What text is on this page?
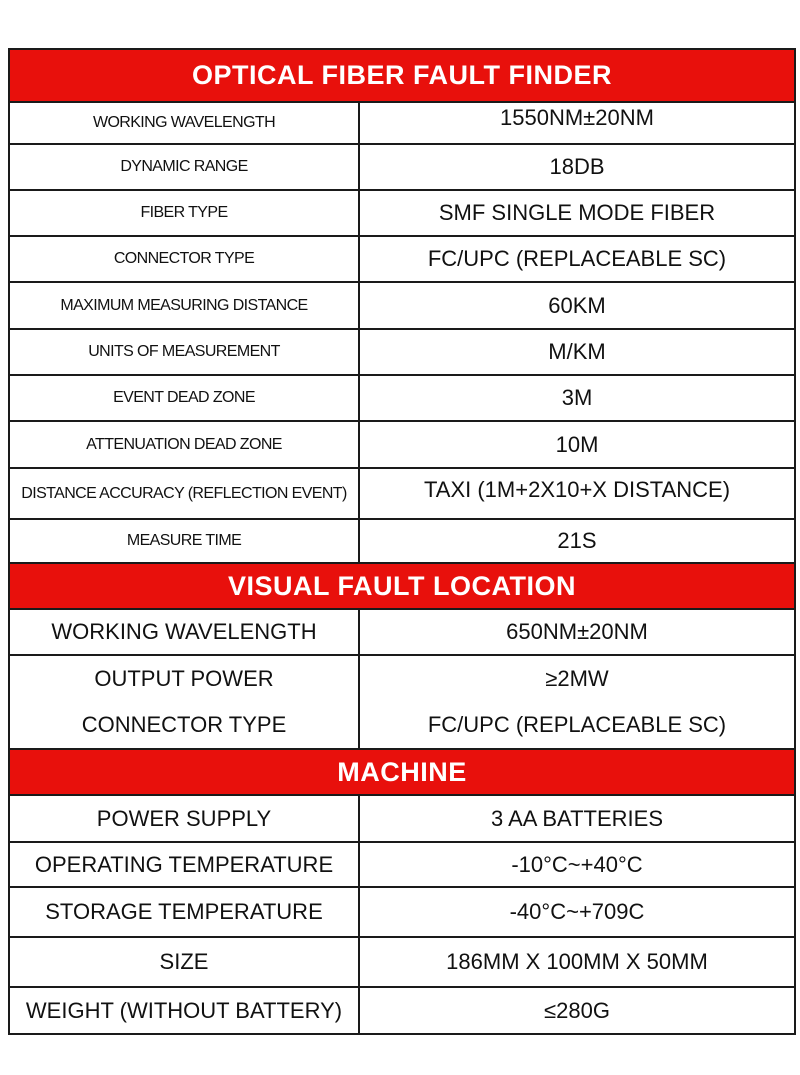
OPTICAL FIBER FAULT FINDER
WORKING WAVELENGTH	1550NM±20NM
DYNAMIC RANGE	18DB
FIBER TYPE	SMF SINGLE MODE FIBER
CONNECTOR TYPE	FC/UPC (REPLACEABLE SC)
MAXIMUM MEASURING DISTANCE	60KM
UNITS OF MEASUREMENT	M/KM
EVENT DEAD ZONE	3M
ATTENUATION DEAD ZONE	10M
DISTANCE ACCURACY (REFLECTION EVENT)	TAXI (1M+2X10+X DISTANCE)
MEASURE TIME	21S
VISUAL FAULT LOCATION
WORKING WAVELENGTH	650NM±20NM
OUTPUT POWER	≥2MW
CONNECTOR TYPE	FC/UPC (REPLACEABLE SC)
MACHINE
POWER SUPPLY	3 AA BATTERIES
OPERATING TEMPERATURE	-10°C~+40°C
STORAGE TEMPERATURE	-40°C~+709C
SIZE	186MM X 100MM X 50MM
WEIGHT (WITHOUT BATTERY)	≤280G
